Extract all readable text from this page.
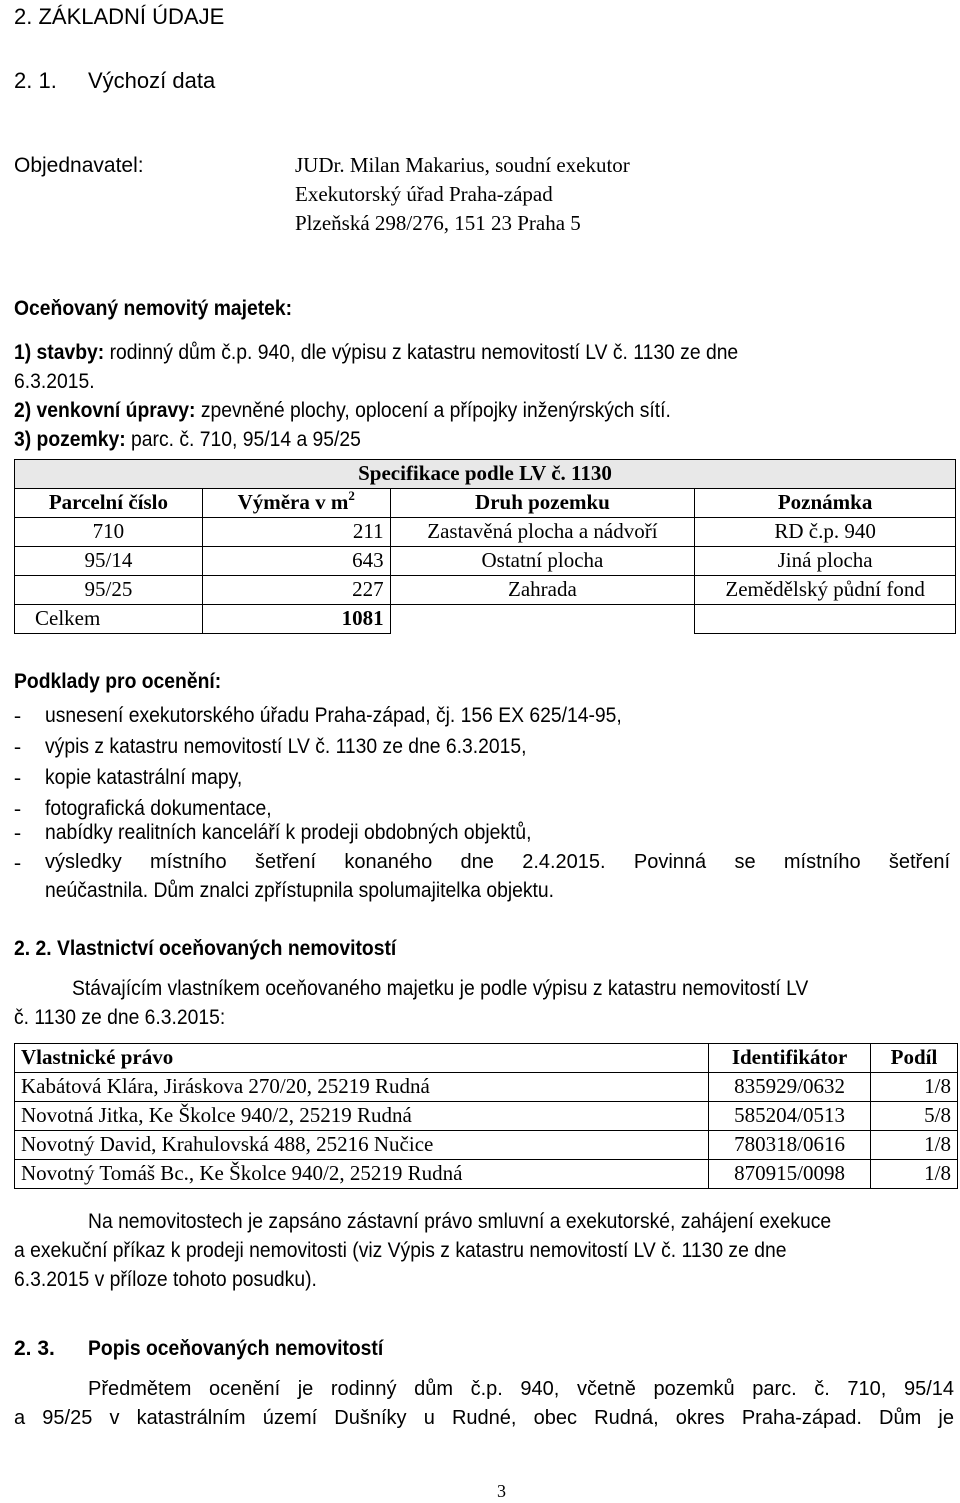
2. ZÁKLADNÍ ÚDAJE
2. 1. Výchozí data
Objednavatel:	JUDr. Milan Makarius, soudní exekutor
Exekutorský úřad Praha-západ
Plzeňská 298/276, 151 23 Praha 5
Oceňovaný nemovitý majetek:
1) stavby: rodinný dům č.p. 940, dle výpisu z katastru nemovitostí LV č. 1130 ze dne
6.3.2015.
2) venkovní úpravy: zpevněné plochy, oplocení a přípojky inženýrských sítí.
3) pozemky: parc. č. 710, 95/14 a 95/25
Specifikace podle LV č. 1130			
Parcelní číslo	Výměra v $m^2$	Druh pozemku	Poznámka
710	211	Zastavěná plocha a nádvoří	RD č.p. 940
95/14	643	Ostatní plocha	Jiná plocha
95/25	227	Zahrada	Zemědělský půdní fond
Celkem	1081		
Podklady pro ocenění:
- usnesení exekutorského úřadu Praha-západ, čj. 156 EX 625/14-95,
- výpis z katastru nemovitostí LV č. 1130 ze dne 6.3.2015,
- kopie katastrální mapy,
- fotografická dokumentace,
- nabídky realitních kanceláří k prodeji obdobných objektů,
- výsledky místního šetření konaného dne 2.4.2015. Povinná se místního šetření
neúčastnila. Dům znalci zpřístupnila spolumajitelka objektu.
2. 2. Vlastnictví oceňovaných nemovitostí
Stávajícím vlastníkem oceňovaného majetku je podle výpisu z katastru nemovitostí LV
č. 1130 ze dne 6.3.2015:
Vlastnické právo	Identifikátor	Podíl
Kabátová Klára, Jiráskova 270/20, 25219 Rudná	835929/0632	1/8
Novotná Jitka, Ke Školce 940/2, 25219 Rudná	585204/0513	5/8
Novotný David, Krahulovská 488, 25216 Nučice	780318/0616	1/8
Novotný Tomáš Bc., Ke Školce 940/2, 25219 Rudná	870915/0098	1/8
Na nemovitostech je zapsáno zástavní právo smluvní a exekutorské, zahájení exekuce
a exekuční příkaz k prodeji nemovitosti (viz Výpis z katastru nemovitostí LV č. 1130 ze dne
6.3.2015 v příloze tohoto posudku).
2. 3. Popis oceňovaných nemovitostí
Předmětem ocenění je rodinný dům č.p. 940, včetně pozemků parc. č. 710, 95/14
a 95/25 v katastrálním území Dušníky u Rudné, obec Rudná, okres Praha-západ. Dům je
3
